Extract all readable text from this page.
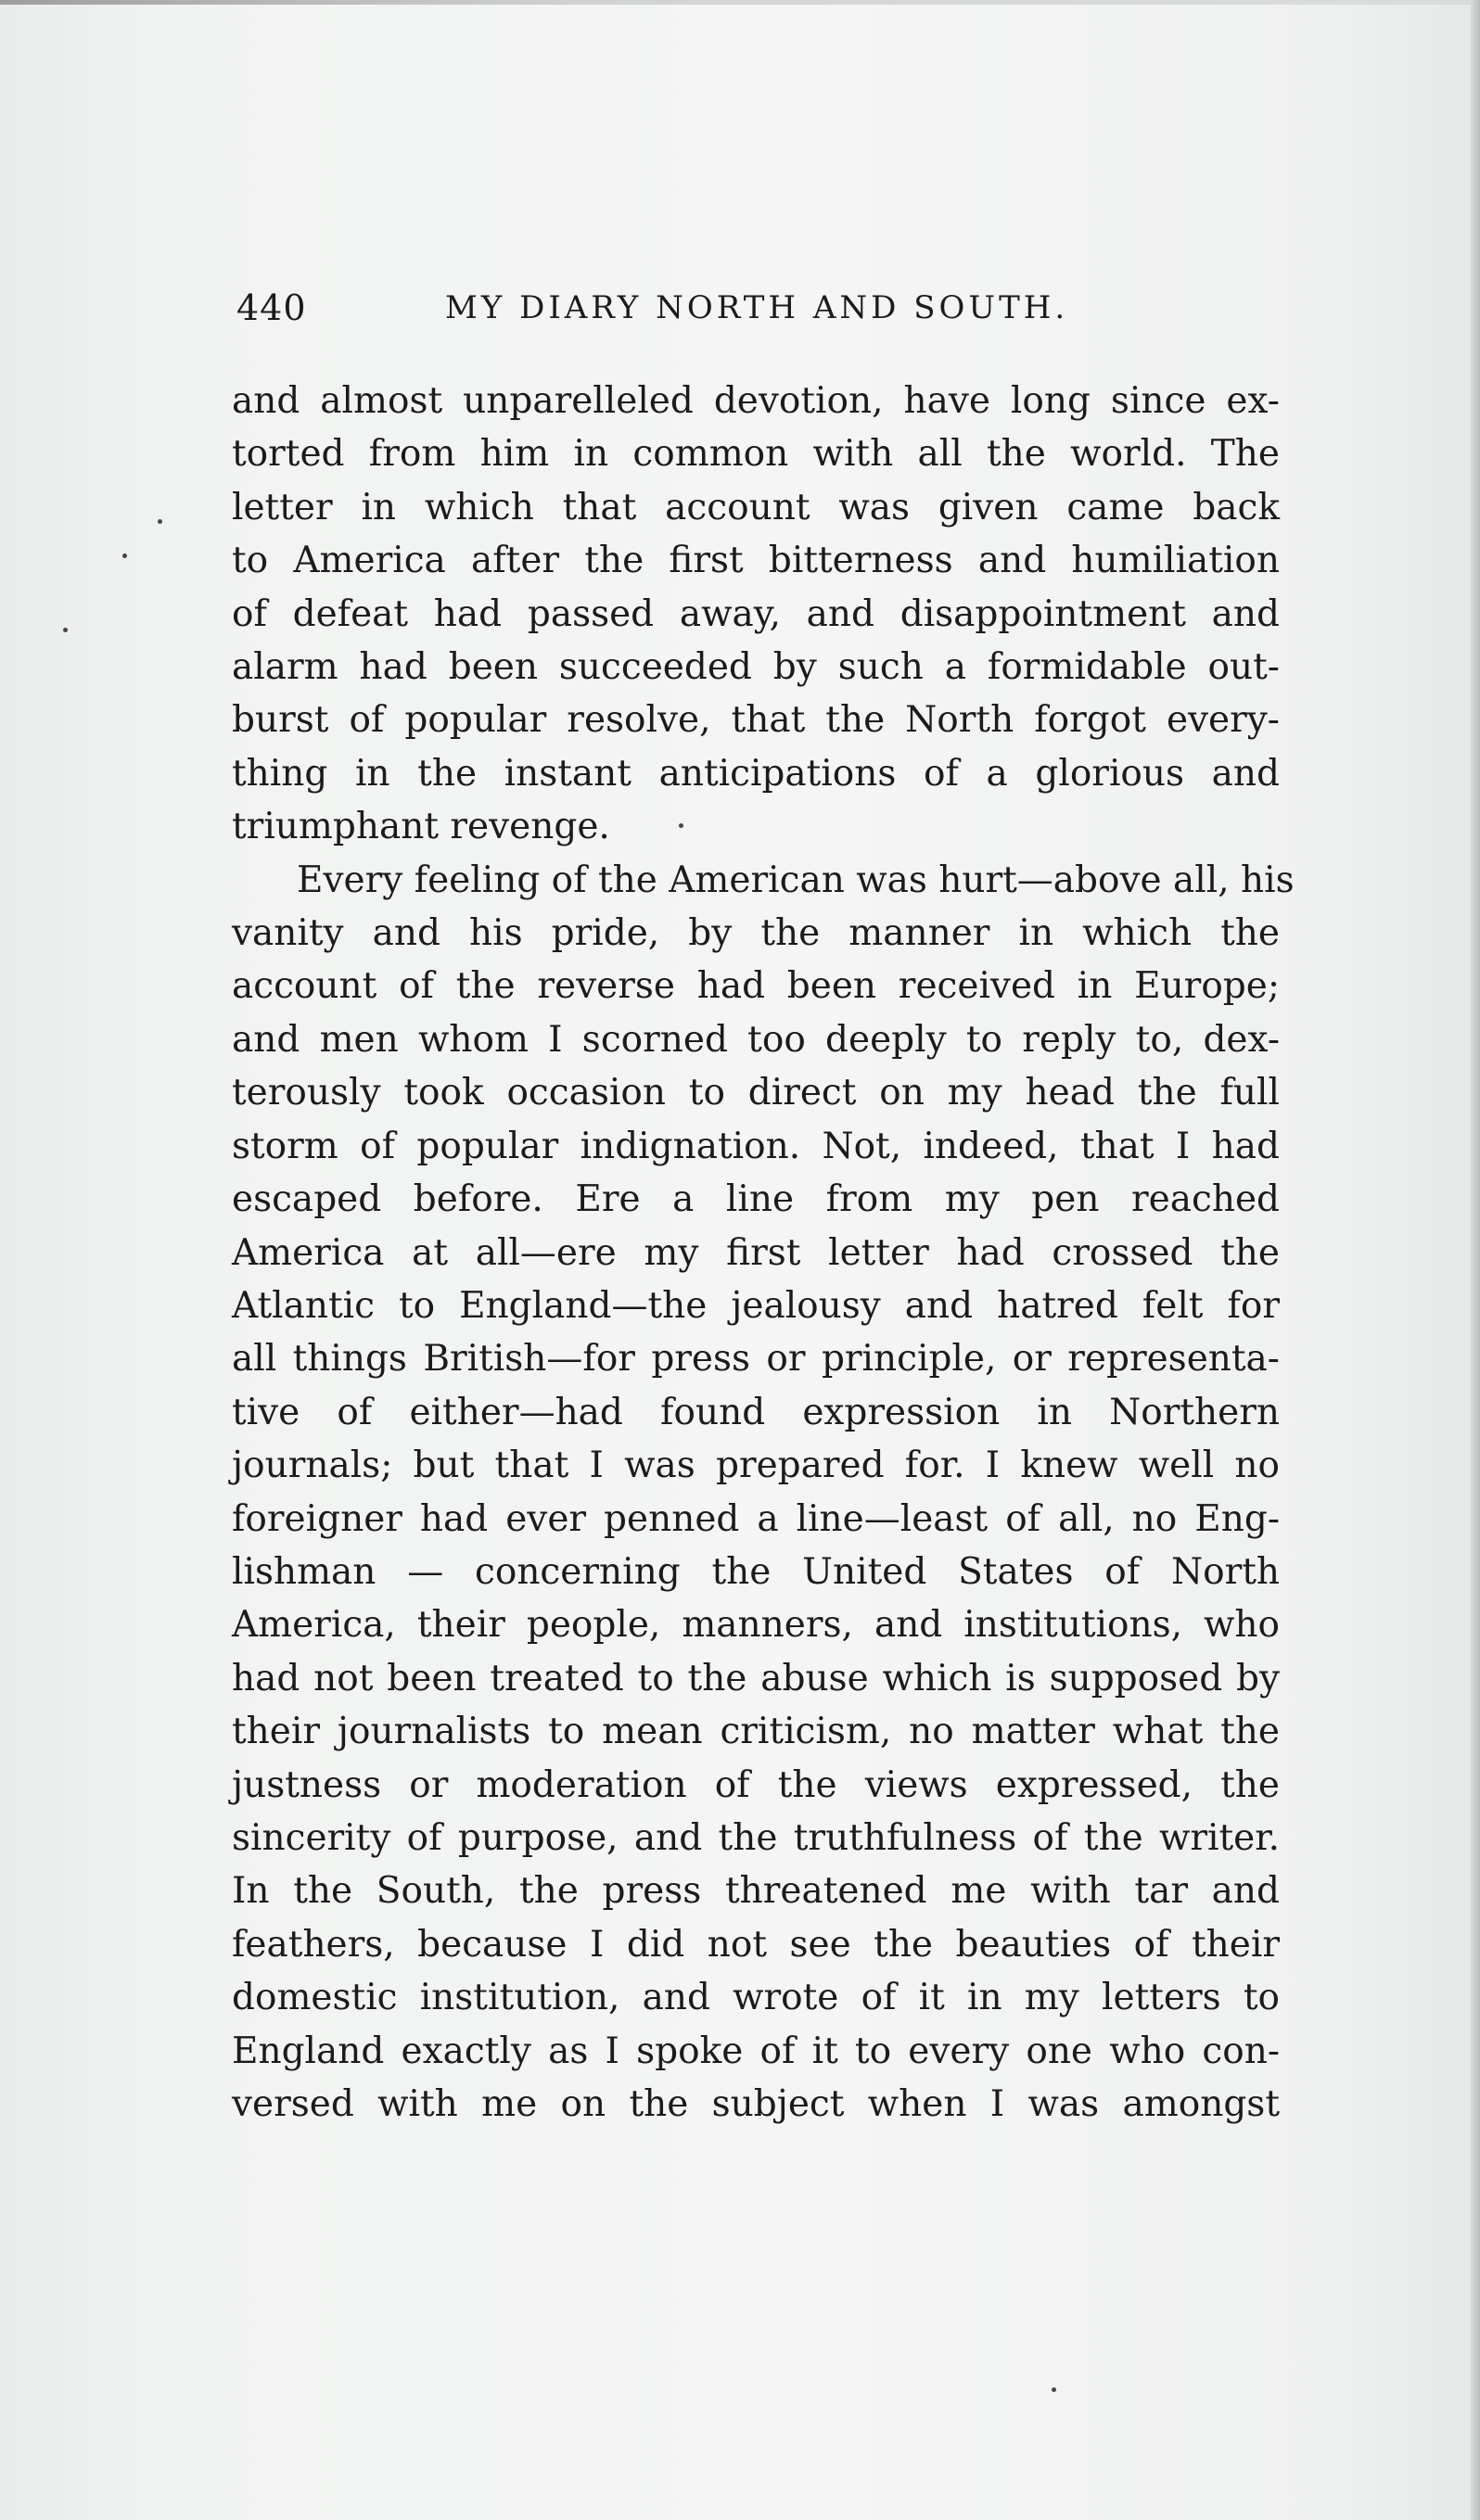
440	MY DIARY NORTH AND SOUTH.
and almost unparelleled devotion, have long since ex-
torted from him in common with all the world. The
letter in which that account was given came back
to America after the first bitterness and humiliation
of defeat had passed away, and disappointment and
alarm had been succeeded by such a formidable out-
burst of popular resolve, that the North forgot every-
thing in the instant anticipations of a glorious and
triumphant revenge.
Every feeling of the American was hurt—above all, his
vanity and his pride, by the manner in which the
account of the reverse had been received in Europe;
and men whom I scorned too deeply to reply to, dex-
terously took occasion to direct on my head the full
storm of popular indignation. Not, indeed, that I had
escaped before. Ere a line from my pen reached
America at all—ere my first letter had crossed the
Atlantic to England—the jealousy and hatred felt for
all things British—for press or principle, or representa-
tive of either—had found expression in Northern
journals; but that I was prepared for. I knew well no
foreigner had ever penned a line—least of all, no Eng-
lishman — concerning the United States of North
America, their people, manners, and institutions, who
had not been treated to the abuse which is supposed by
their journalists to mean criticism, no matter what the
justness or moderation of the views expressed, the
sincerity of purpose, and the truthfulness of the writer.
In the South, the press threatened me with tar and
feathers, because I did not see the beauties of their
domestic institution, and wrote of it in my letters to
England exactly as I spoke of it to every one who con-
versed with me on the subject when I was amongst
